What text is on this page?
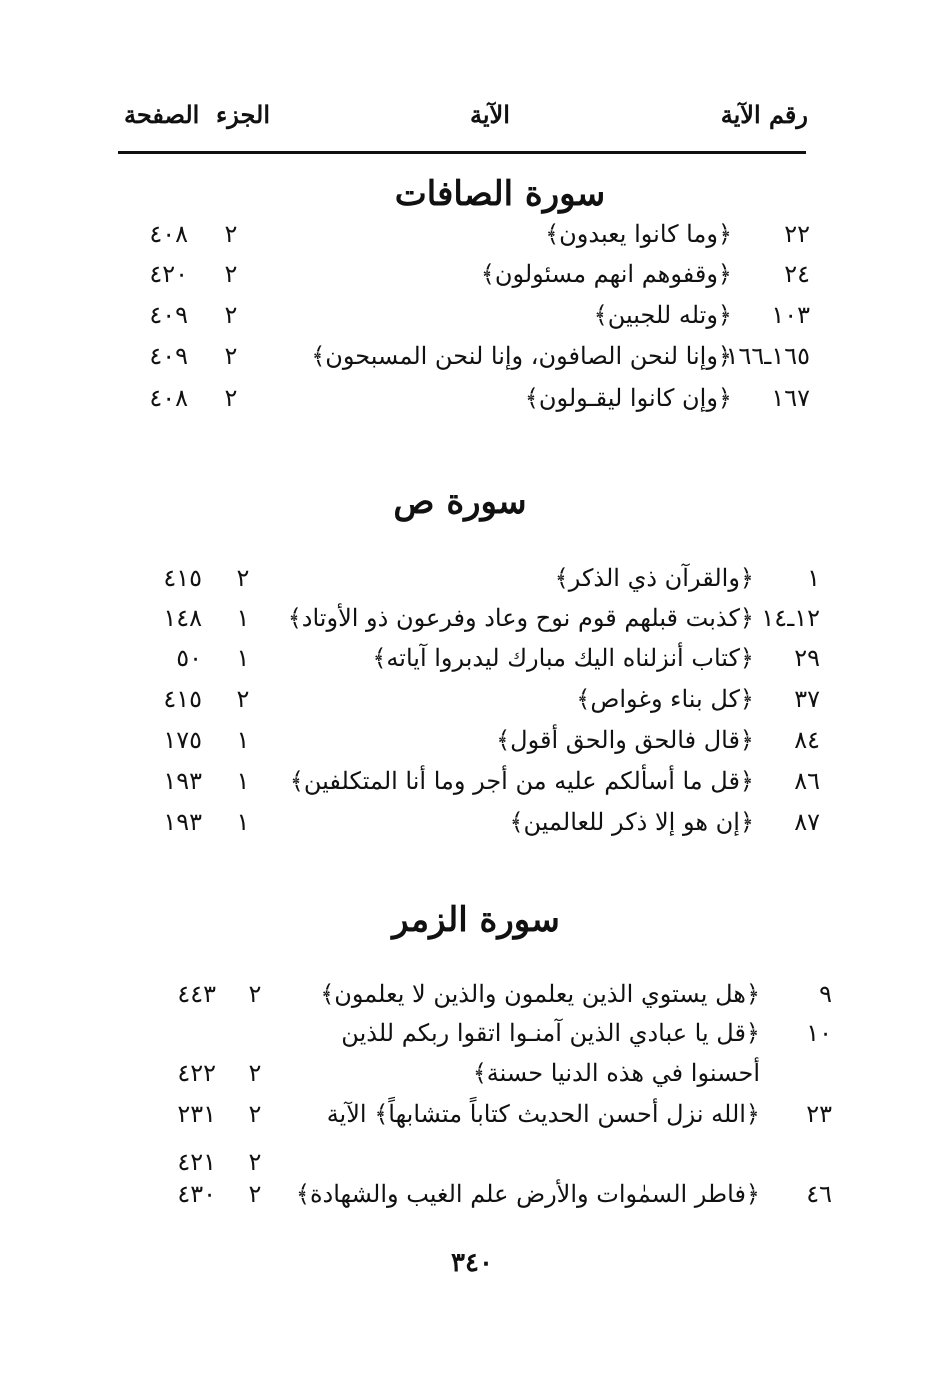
رقم الآية
الآية
الجزء
الصفحة
سورة الصافات
سورة ص
سورة الزمر
٢٢
﴿وما كانوا يعبدون﴾
٢
٤٠٨
٢٤
﴿وقفوهم انهم مسئولون﴾
٢
٤٢٠
١٠٣
﴿وتله للجبين﴾
٢
٤٠٩
١٦٥ـ١٦٦
﴿وإنا لنحن الصافون، وإنا لنحن المسبحون﴾
٢
٤٠٩
١٦٧
﴿وإن كانوا ليقـولون﴾
٢
٤٠٨
١
﴿والقرآن ذي الذكر﴾
٢
٤١٥
١٢ـ١٤
﴿كذبت قبلهم قوم نوح وعاد وفرعون ذو الأوتاد﴾
١
١٤٨
٢٩
﴿كتاب أنزلناه اليك مبارك ليدبروا آياته﴾
١
٥٠
٣٧
﴿كل بناء وغواص﴾
٢
٤١٥
٨٤
﴿قال فالحق والحق أقول﴾
١
١٧٥
٨٦
﴿قل ما أسألكم عليه من أجر وما أنا المتكلفين﴾
١
١٩٣
٨٧
﴿إن هو إلا ذكر للعالمين﴾
١
١٩٣
٩
﴿هل يستوي الذين يعلمون والذين لا يعلمون﴾
٢
٤٤٣
١٠
﴿قل يا عبادي الذين آمنـوا اتقوا ربكم للذين
أحسنوا في هذه الدنيا حسنة﴾
٢
٤٢٢
٢٣
﴿الله نزل أحسن الحديث كتاباً متشابهاً﴾ الآية
٢
٢٣١
٢
٤٢١
٤٦
﴿فاطر السمٰوات والأرض علم الغيب والشهادة﴾
٢
٤٣٠
٣٤٠
